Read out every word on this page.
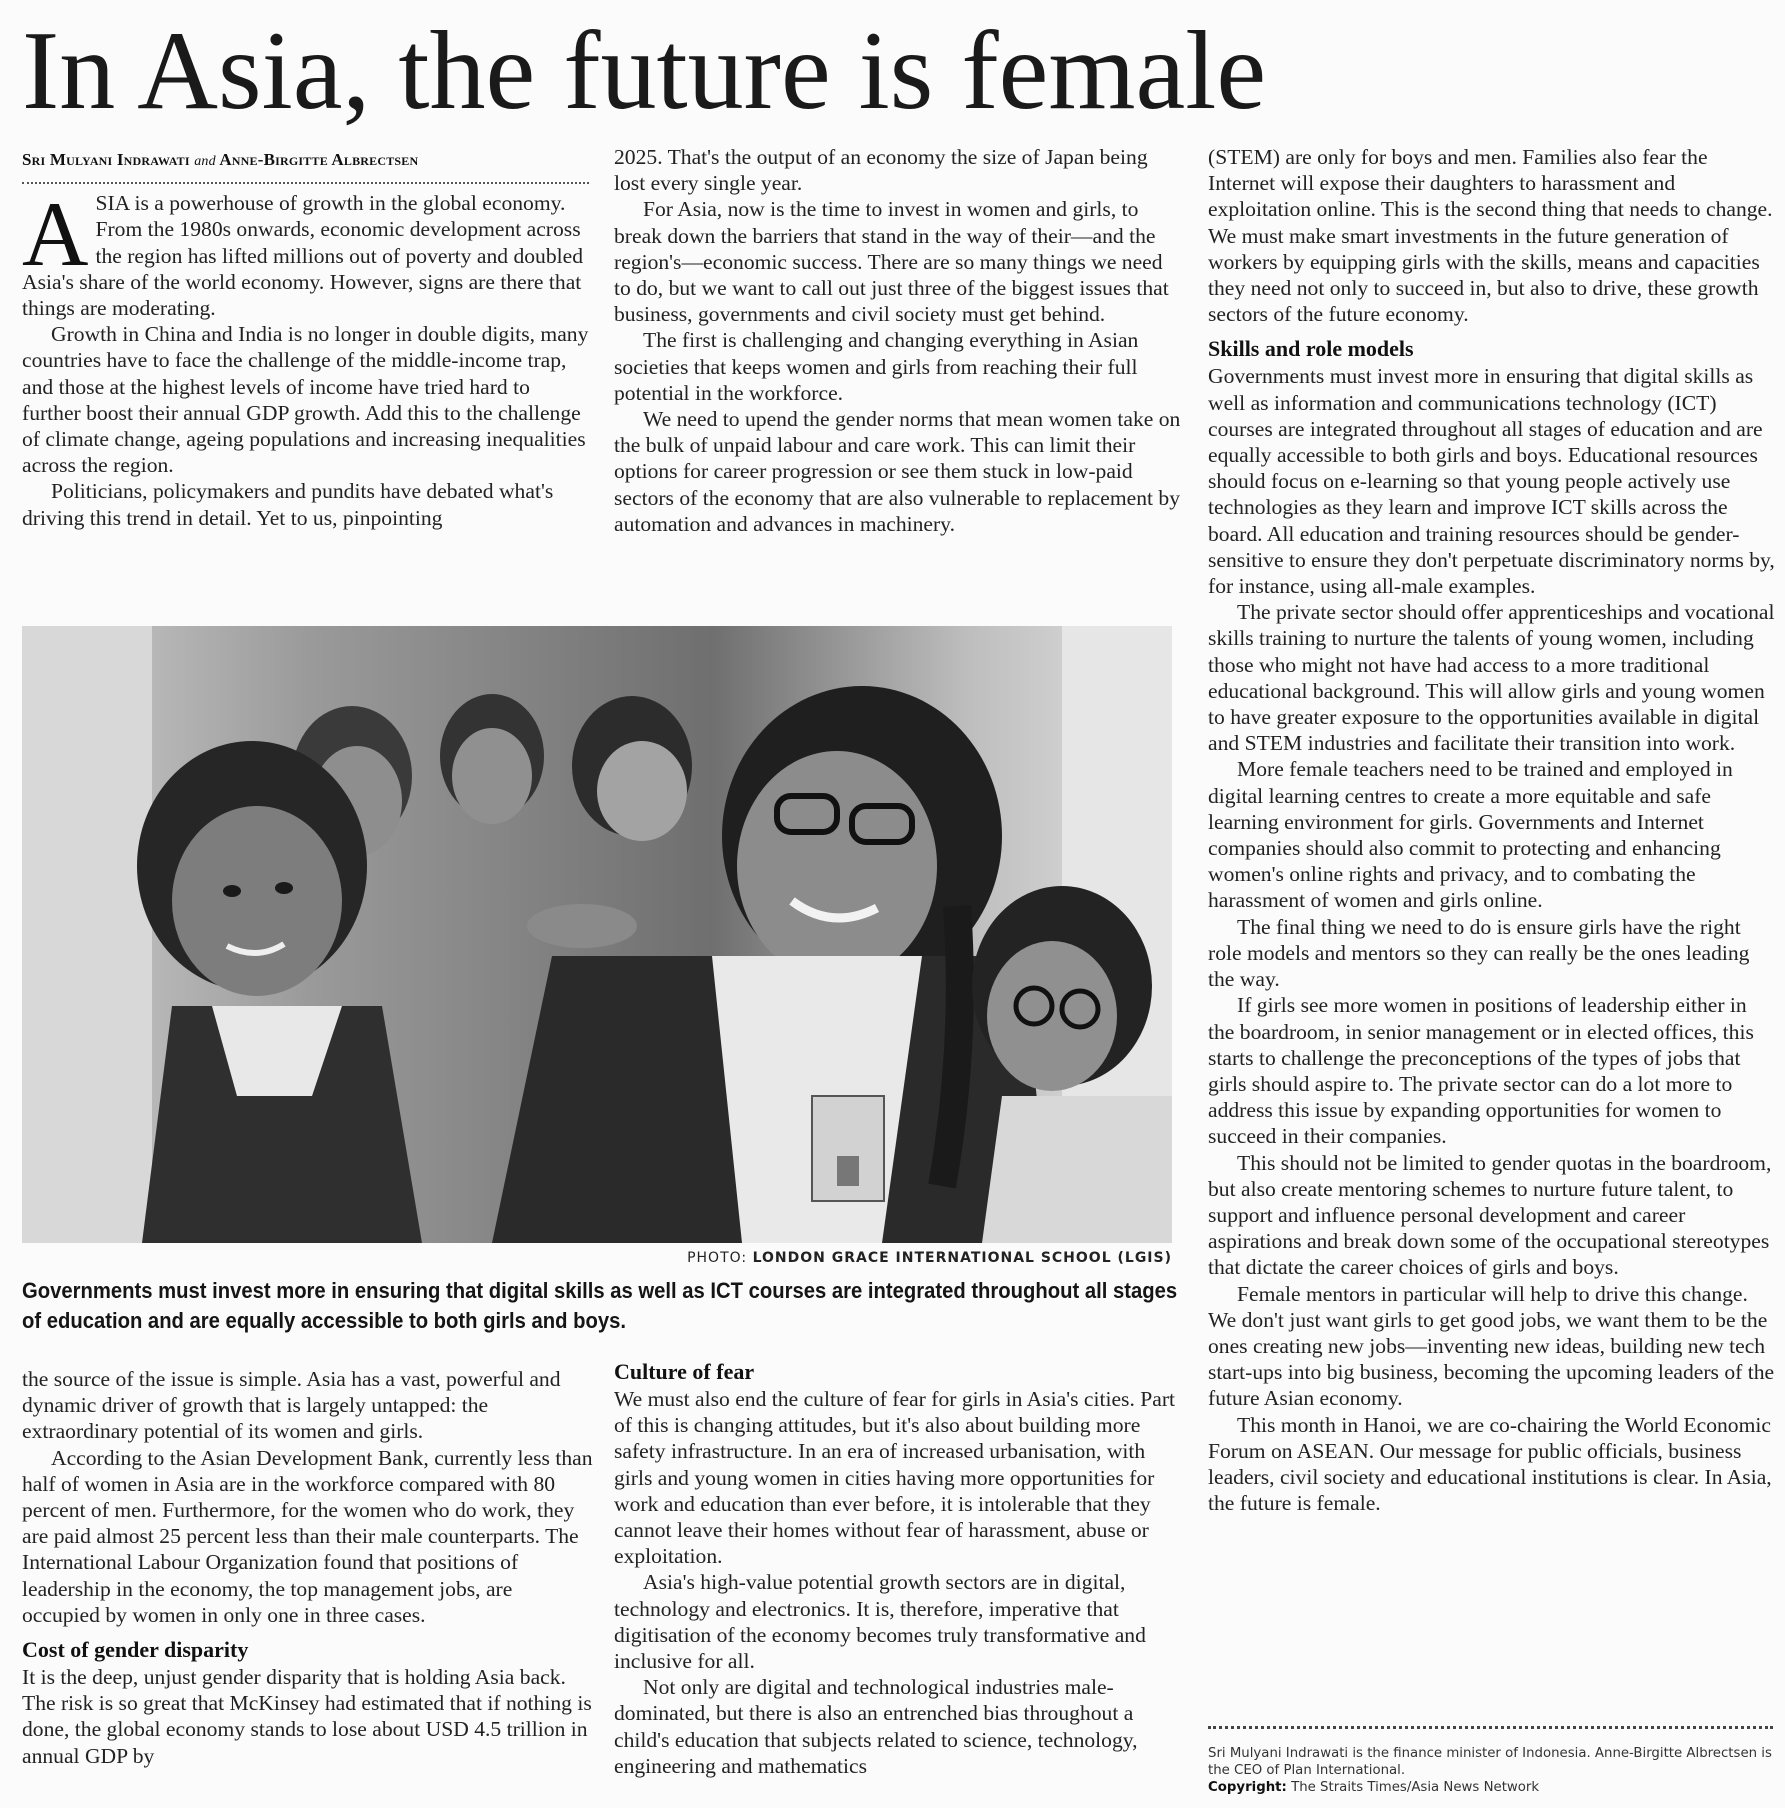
In Asia, the future is female
Sri Mulyani Indrawati and Anne-Birgitte Albrectsen
A SIA is a powerhouse of growth in the global economy. From the 1980s onwards, economic development across the region has lifted millions out of poverty and doubled Asia's share of the world economy. However, signs are there that things are moderating.

Growth in China and India is no longer in double digits, many countries have to face the challenge of the middle-income trap, and those at the highest levels of income have tried hard to further boost their annual GDP growth. Add this to the challenge of climate change, ageing populations and increasing inequalities across the region.

Politicians, policymakers and pundits have debated what's driving this trend in detail. Yet to us, pinpointing

2025. That's the output of an economy the size of Japan being lost every single year.

For Asia, now is the time to invest in women and girls, to break down the barriers that stand in the way of their—and the region's—economic success. There are so many things we need to do, but we want to call out just three of the biggest issues that business, governments and civil society must get behind.

The first is challenging and changing everything in Asian societies that keeps women and girls from reaching their full potential in the workforce.

We need to upend the gender norms that mean women take on the bulk of unpaid labour and care work. This can limit their options for career progression or see them stuck in low-paid sectors of the economy that are also vulnerable to replacement by automation and advances in machinery.

PHOTO: LONDON GRACE INTERNATIONAL SCHOOL (LGIS)
Governments must invest more in ensuring that digital skills as well as ICT courses are integrated throughout all stages of education and are equally accessible to both girls and boys.

the source of the issue is simple. Asia has a vast, powerful and dynamic driver of growth that is largely untapped: the extraordinary potential of its women and girls.

According to the Asian Development Bank, currently less than half of women in Asia are in the workforce compared with 80 percent of men. Furthermore, for the women who do work, they are paid almost 25 percent less than their male counterparts. The International Labour Organization found that positions of leadership in the economy, the top management jobs, are occupied by women in only one in three cases.

Cost of gender disparity

It is the deep, unjust gender disparity that is holding Asia back. The risk is so great that McKinsey had estimated that if nothing is done, the global economy stands to lose about USD 4.5 trillion in annual GDP by

Culture of fear

We must also end the culture of fear for girls in Asia's cities. Part of this is changing attitudes, but it's also about building more safety infrastructure. In an era of increased urbanisation, with girls and young women in cities having more opportunities for work and education than ever before, it is intolerable that they cannot leave their homes without fear of harassment, abuse or exploitation.

Asia's high-value potential growth sectors are in digital, technology and electronics. It is, therefore, imperative that digitisation of the economy becomes truly transformative and inclusive for all.

Not only are digital and technological industries male-dominated, but there is also an entrenched bias throughout a child's education that subjects related to science, technology, engineering and mathematics

(STEM) are only for boys and men. Families also fear the Internet will expose their daughters to harassment and exploitation online. This is the second thing that needs to change. We must make smart investments in the future generation of workers by equipping girls with the skills, means and capacities they need not only to succeed in, but also to drive, these growth sectors of the future economy.

Skills and role models

Governments must invest more in ensuring that digital skills as well as information and communications technology (ICT) courses are integrated throughout all stages of education and are equally accessible to both girls and boys. Educational resources should focus on e-learning so that young people actively use technologies as they learn and improve ICT skills across the board. All education and training resources should be gender-sensitive to ensure they don't perpetuate discriminatory norms by, for instance, using all-male examples.

The private sector should offer apprenticeships and vocational skills training to nurture the talents of young women, including those who might not have had access to a more traditional educational background. This will allow girls and young women to have greater exposure to the opportunities available in digital and STEM industries and facilitate their transition into work.

More female teachers need to be trained and employed in digital learning centres to create a more equitable and safe learning environment for girls. Governments and Internet companies should also commit to protecting and enhancing women's online rights and privacy, and to combating the harassment of women and girls online.

The final thing we need to do is ensure girls have the right role models and mentors so they can really be the ones leading the way.

If girls see more women in positions of leadership either in the boardroom, in senior management or in elected offices, this starts to challenge the preconceptions of the types of jobs that girls should aspire to. The private sector can do a lot more to address this issue by expanding opportunities for women to succeed in their companies.

This should not be limited to gender quotas in the boardroom, but also create mentoring schemes to nurture future talent, to support and influence personal development and career aspirations and break down some of the occupational stereotypes that dictate the career choices of girls and boys.

Female mentors in particular will help to drive this change. We don't just want girls to get good jobs, we want them to be the ones creating new jobs—inventing new ideas, building new tech start-ups into big business, becoming the upcoming leaders of the future Asian economy.

This month in Hanoi, we are co-chairing the World Economic Forum on ASEAN. Our message for public officials, business leaders, civil society and educational institutions is clear. In Asia, the future is female.

Sri Mulyani Indrawati is the finance minister of Indonesia. Anne-Birgitte Albrectsen is the CEO of Plan International.
Copyright: The Straits Times/Asia News Network
